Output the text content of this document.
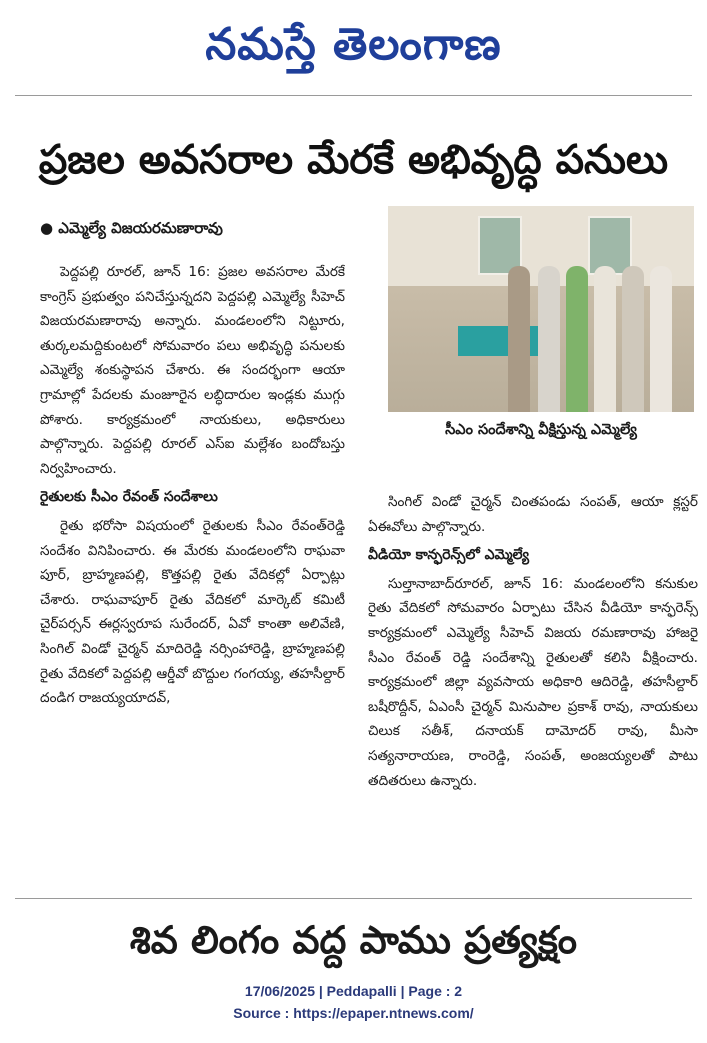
నమస్తే తెలంగాణ
ప్రజల అవసరాల మేరకే అభివృద్ధి పనులు
● ఎమ్మెల్యే విజయరమణారావు
సీఎం సందేశాన్ని వీక్షిస్తున్న ఎమ్మెల్యే

పెద్దపల్లి రూరల్, జూన్ 16: ప్రజల అవసరాల మేరకే కాంగ్రెస్ ప్రభుత్వం పనిచేస్తున్నదని పెద్దపల్లి ఎమ్మెల్యే సీహెచ్ విజయరమణారావు అన్నారు. మండలంలోని నిట్టూరు, తుర్కలమద్దికుంటలో సోమవారం పలు అభివృద్ధి పనులకు ఎమ్మెల్యే శంకుస్థాపన చేశారు. ఈ సందర్భంగా ఆయా గ్రామాల్లో పేదలకు మంజూరైన లబ్ధిదారుల ఇండ్లకు ముగ్గు పోశారు. కార్యక్రమంలో నాయకులు, అధికారులు పాల్గొన్నారు. పెద్దపల్లి రూరల్ ఎస్ఐ మల్లేశం బందోబస్తు నిర్వహించారు.

రైతులకు సీఎం రేవంత్ సందేశాలు

రైతు భరోసా విషయంలో రైతులకు సీఎం రేవంత్‌రెడ్డి సందేశం వినిపించారు. ఈ మేరకు మండలంలోని రాఘవా పూర్, బ్రాహ్మణపల్లి, కొత్తపల్లి రైతు వేదికల్లో ఏర్పాట్లు చేశారు. రాఘవాపూర్ రైతు వేదికలో మార్కెట్ కమిటీ చైర్‌పర్సన్ ఈర్లస్వరూప సురేందర్, ఏవో కాంతా అలివేణి, సింగిల్ విండో చైర్మన్ మాదిరెడ్డి నర్సింహారెడ్డి, బ్రాహ్మణపల్లి రైతు వేదికలో పెద్దపల్లి ఆర్డీవో బొద్దుల గంగయ్య, తహసీల్దార్ దండిగ రాజయ్యయాదవ్,

సింగిల్ విండో చైర్మన్ చింతపండు సంపత్, ఆయా క్లస్టర్ ఏఈవోలు పాల్గొన్నారు.

వీడియో కాన్ఫరెన్స్‌లో ఎమ్మెల్యే

సుల్తానాబాద్‌రూరల్, జూన్ 16: మండలంలోని కనుకుల రైతు వేదికలో సోమవారం ఏర్పాటు చేసిన వీడియో కాన్ఫరెన్స్ కార్యక్రమంలో ఎమ్మెల్యే సీహెచ్ విజయ రమణారావు హాజరై సీఎం రేవంత్ రెడ్డి సందేశాన్ని రైతులతో కలిసి వీక్షించారు. కార్యక్రమంలో జిల్లా వ్యవసాయ అధికారి ఆదిరెడ్డి, తహసీల్దార్ బషీరొద్దీన్, ఏఎంసీ చైర్మన్ మినుపాల ప్రకాశ్ రావు, నాయకులు చిలుక సతీశ్, దనాయక్ దామోదర్ రావు, మీసా సత్యనారాయణ, రాంరెడ్డి, సంపత్, అంజయ్యలతో పాటు తదితరులు ఉన్నారు.

శివ లింగం వద్ద పాము ప్రత్యక్షం
17/06/2025 | Peddapalli | Page : 2
Source : https://epaper.ntnews.com/
